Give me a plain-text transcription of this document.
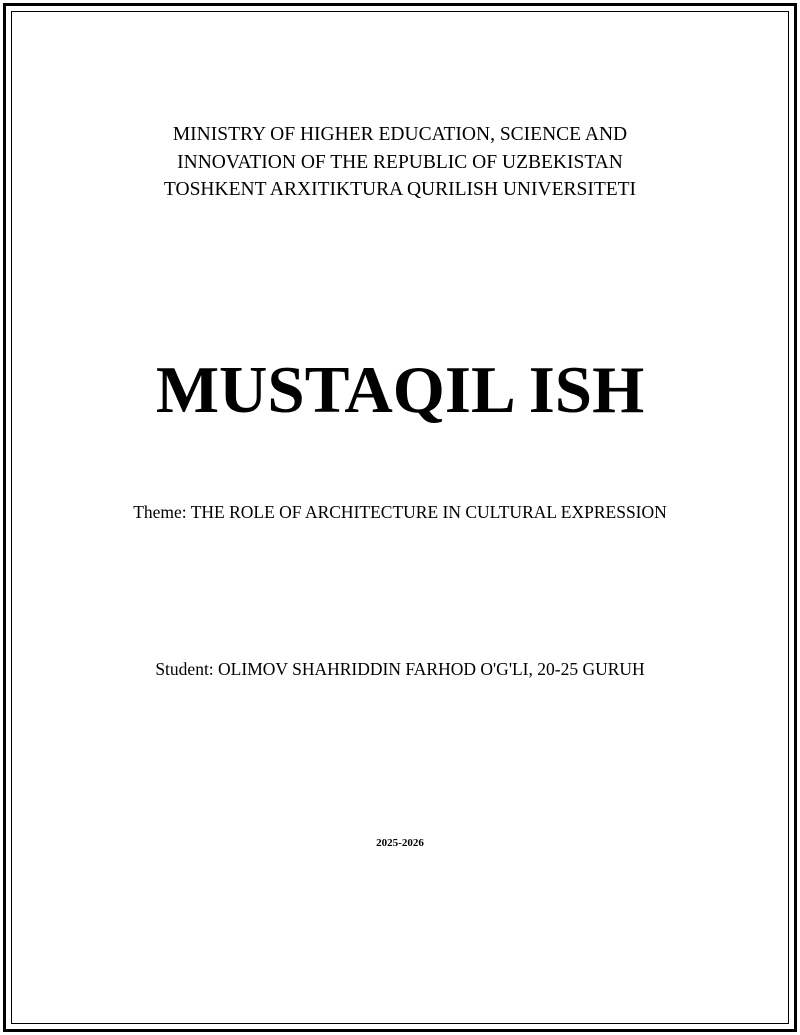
MINISTRY OF HIGHER EDUCATION, SCIENCE AND
INNOVATION OF THE REPUBLIC OF UZBEKISTAN
TOSHKENT ARXITIKTURA QURILISH UNIVERSITETI
MUSTAQIL ISH
Theme: THE ROLE OF ARCHITECTURE IN CULTURAL EXPRESSION
Student: OLIMOV SHAHRIDDIN FARHOD O'G'LI, 20-25 GURUH
2025-2026
